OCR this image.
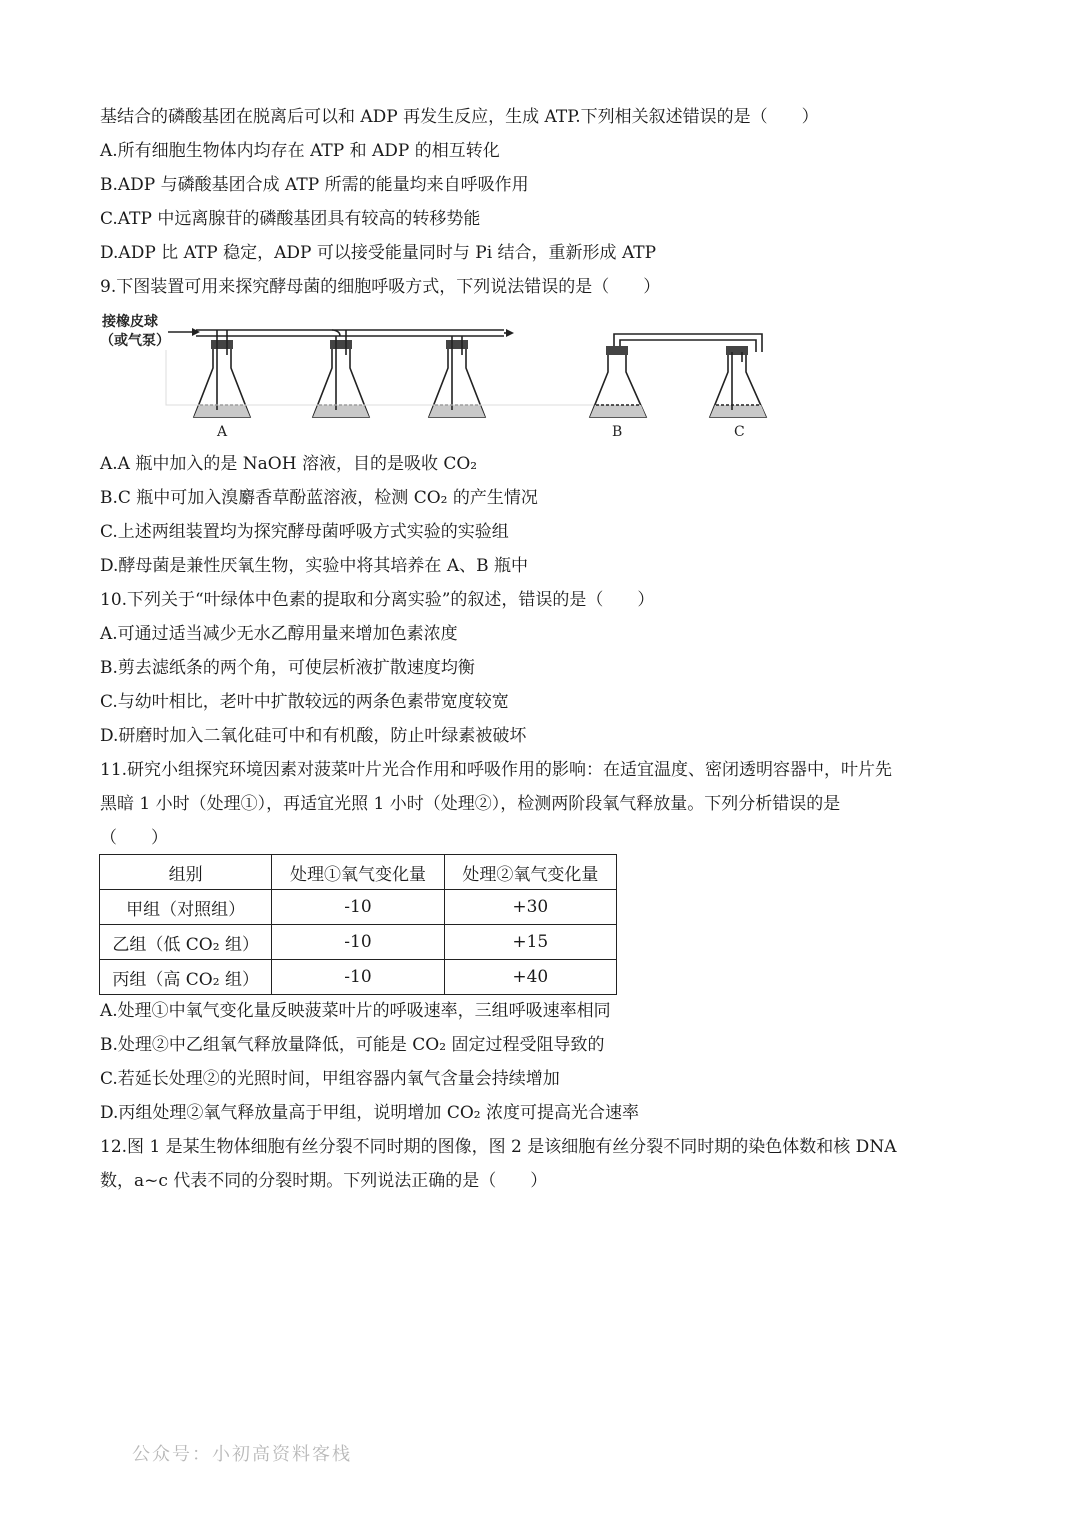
基结合的磷酸基团在脱离后可以和 ADP 再发生反应，生成 ATP.下列相关叙述错误的是（　　）
A.所有细胞生物体内均存在 ATP 和 ADP 的相互转化
B.ADP 与磷酸基团合成 ATP 所需的能量均来自呼吸作用
C.ATP 中远离腺苷的磷酸基团具有较高的转移势能
D.ADP 比 ATP 稳定，ADP 可以接受能量同时与 Pi 结合，重新形成 ATP
9.下图装置可用来探究酵母菌的细胞呼吸方式，下列说法错误的是（　　）
接橡皮球
（或气泵）
A	B	C
A.A 瓶中加入的是 NaOH 溶液，目的是吸收 CO₂
B.C 瓶中可加入溴麝香草酚蓝溶液，检测 CO₂ 的产生情况
C.上述两组装置均为探究酵母菌呼吸方式实验的实验组
D.酵母菌是兼性厌氧生物，实验中将其培养在 A、B 瓶中
10.下列关于“叶绿体中色素的提取和分离实验”的叙述，错误的是（　　）
A.可通过适当减少无水乙醇用量来增加色素浓度
B.剪去滤纸条的两个角，可使层析液扩散速度均衡
C.与幼叶相比，老叶中扩散较远的两条色素带宽度较宽
D.研磨时加入二氧化硅可中和有机酸，防止叶绿素被破坏
11.研究小组探究环境因素对菠菜叶片光合作用和呼吸作用的影响：在适宜温度、密闭透明容器中，叶片先
黑暗 1 小时（处理①），再适宜光照 1 小时（处理②），检测两阶段氧气释放量。下列分析错误的是
（　　）
组别	处理①氧气变化量	处理②氧气变化量
甲组（对照组）	-10	+30
乙组（低 CO₂ 组）	-10	+15
丙组（高 CO₂ 组）	-10	+40
A.处理①中氧气变化量反映菠菜叶片的呼吸速率，三组呼吸速率相同
B.处理②中乙组氧气释放量降低，可能是 CO₂ 固定过程受阻导致的
C.若延长处理②的光照时间，甲组容器内氧气含量会持续增加
D.丙组处理②氧气释放量高于甲组，说明增加 CO₂ 浓度可提高光合速率
12.图 1 是某生物体细胞有丝分裂不同时期的图像，图 2 是该细胞有丝分裂不同时期的染色体数和核 DNA
数，a~c 代表不同的分裂时期。下列说法正确的是（　　）
公众号：小初高资料客栈
